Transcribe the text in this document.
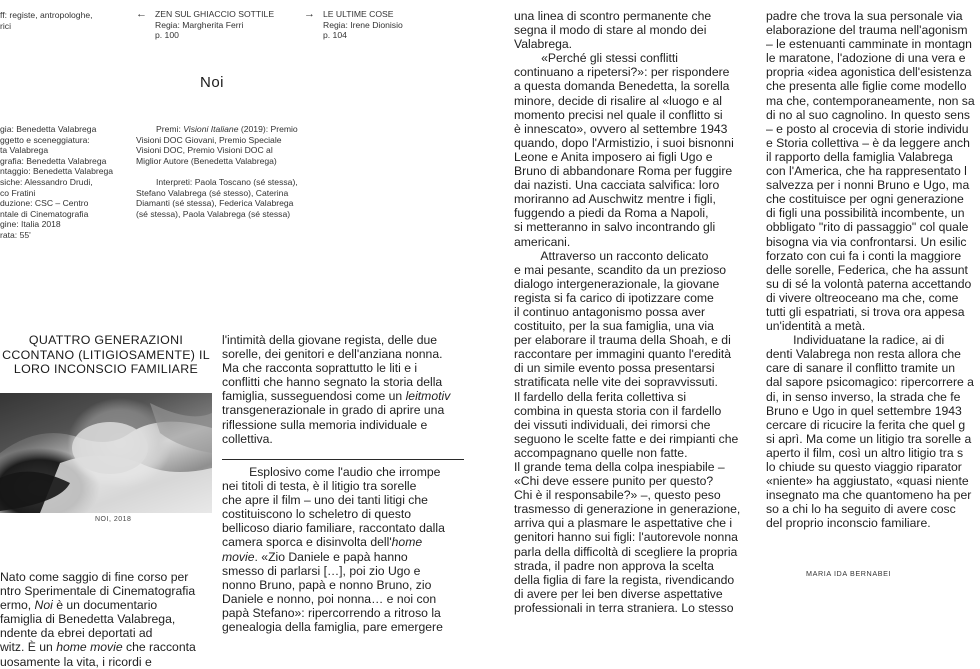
ff: registe, antropologhe,
rici
← ZEN SUL GHIACCIO SOTTILE
Regia: Margherita Ferri
p. 100
→ LE ULTIME COSE
Regia: Irene Dionisio
p. 104
Noi
gia: Benedetta Valabrega
ggetto e sceneggiatura:
ta Valabrega
grafia: Benedetta Valabrega
ntaggio: Benedetta Valabrega
siche: Alessandro Drudi,
co Fratini
duzione: CSC – Centro
ntale di Cinematografia
gine: Italia 2018
rata: 55'
Premi: Visioni Italiane (2019): Premio
Visioni DOC Giovani, Premio Speciale
Visioni DOC, Premio Visioni DOC al
Miglior Autore (Benedetta Valabrega)
Interpreti: Paola Toscano (sé stessa),
Stefano Valabrega (sé stesso), Caterina
Diamanti (sé stessa), Federica Valabrega
(sé stessa), Paola Valabrega (sé stessa)
QUATTRO GENERAZIONI
CCONTANO (LITIGIOSAMENTE) IL
LORO INCONSCIO FAMILIARE
NOI, 2018
Nato come saggio di fine corso per
ntro Sperimentale di Cinematografia
ermo, Noi è un documentario
famiglia di Benedetta Valabrega,
ndente da ebrei deportati ad
witz. È un home movie che racconta
uosamente la vita, i ricordi e
l'intimità della giovane regista, delle due
sorelle, dei genitori e dell'anziana nonna.
Ma che racconta soprattutto le liti e i
conflitti che hanno segnato la storia della
famiglia, susseguendosi come un leitmotiv
transgenerazionale in grado di aprire una
riflessione sulla memoria individuale e
collettiva.
Esplosivo come l'audio che irrompe
nei titoli di testa, è il litigio tra sorelle
che apre il film – uno dei tanti litigi che
costituiscono lo scheletro di questo
bellicoso diario familiare, raccontato dalla
camera sporca e disinvolta dell'home
movie. «Zio Daniele e papà hanno
smesso di parlarsi […], poi zio Ugo e
nonno Bruno, papà e nonno Bruno, zio
Daniele e nonno, poi nonna… e noi con
papà Stefano»: ripercorrendo a ritroso la
genealogia della famiglia, pare emergere
una linea di scontro permanente che
segna il modo di stare al mondo dei
Valabrega.
«Perché gli stessi conflitti
continuano a ripetersi?»: per rispondere
a questa domanda Benedetta, la sorella
minore, decide di risalire al «luogo e al
momento precisi nel quale il conflitto si
è innescato», ovvero al settembre 1943
quando, dopo l'Armistizio, i suoi bisnonni
Leone e Anita imposero ai figli Ugo e
Bruno di abbandonare Roma per fuggire
dai nazisti. Una cacciata salvifica: loro
moriranno ad Auschwitz mentre i figli,
fuggendo a piedi da Roma a Napoli,
si metteranno in salvo incontrando gli
americani.
Attraverso un racconto delicato
e mai pesante, scandito da un prezioso
dialogo intergenerazionale, la giovane
regista si fa carico di ipotizzare come
il continuo antagonismo possa aver
costituito, per la sua famiglia, una via
per elaborare il trauma della Shoah, e di
raccontare per immagini quanto l'eredità
di un simile evento possa presentarsi
stratificata nelle vite dei sopravvissuti.
Il fardello della ferita collettiva si
combina in questa storia con il fardello
dei vissuti individuali, dei rimorsi che
seguono le scelte fatte e dei rimpianti che
accompagnano quelle non fatte.
Il grande tema della colpa inespiabile –
«Chi deve essere punito per questo?
Chi è il responsabile?» –, questo peso
trasmesso di generazione in generazione,
arriva qui a plasmare le aspettative che i
genitori hanno sui figli: l'autorevole nonna
parla della difficoltà di scegliere la propria
strada, il padre non approva la scelta
della figlia di fare la regista, rivendicando
di avere per lei ben diverse aspettative
professionali in terra straniera. Lo stesso
padre che trova la sua personale via
elaborazione del trauma nell'agonism
– le estenuanti camminate in montagn
le maratone, l'adozione di una vera e
propria «idea agonistica dell'esistenza
che presenta alle figlie come modello
ma che, contemporaneamente, non sa
di no al suo cagnolino. In questo sens
– e posto al crocevia di storie individu
e Storia collettiva – è da leggere anch
il rapporto della famiglia Valabrega
con l'America, che ha rappresentato l
salvezza per i nonni Bruno e Ugo, ma
che costituisce per ogni generazione
di figli una possibilità incombente, un
obbligato "rito di passaggio" col quale
bisogna via via confrontarsi. Un esilic
forzato con cui fa i conti la maggiore
delle sorelle, Federica, che ha assunt
su di sé la volontà paterna accettando
di vivere oltreoceano ma che, come
tutti gli espatriati, si trova ora appesa
un'identità a metà.
Individuatane la radice, ai di
denti Valabrega non resta allora che
care di sanare il conflitto tramite un
dal sapore psicomagico: ripercorrere a
di, in senso inverso, la strada che fe
Bruno e Ugo in quel settembre 1943
cercare di ricucire la ferita che quel g
si aprì. Ma come un litigio tra sorelle a
aperto il film, così un altro litigio tra s
lo chiude su questo viaggio riparator
«niente» ha aggiustato, «quasi niente
insegnato ma che quantomeno ha per
so a chi lo ha seguito di avere cosc
del proprio inconscio familiare.
MARIA IDA BERNABEI
